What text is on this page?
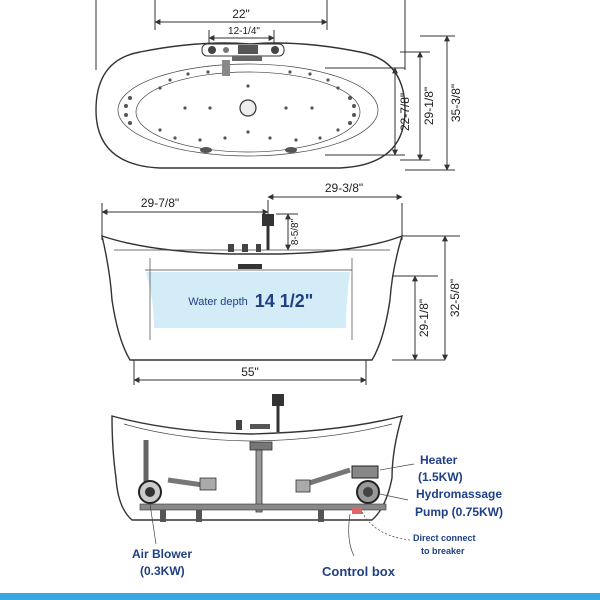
22"
12-1/4"
22-7/8" 29-1/8" 35-3/8"
29-7/8"
29-3/8"
8-5/8"
Water depth 14 1/2"	29-1/8"
32-5/8"
55"
Heater
(1.5KW)
Hydromassage
Pump (0.75KW)
Direct connect
to breaker
Air Blower
(0.3KW)	Control box
